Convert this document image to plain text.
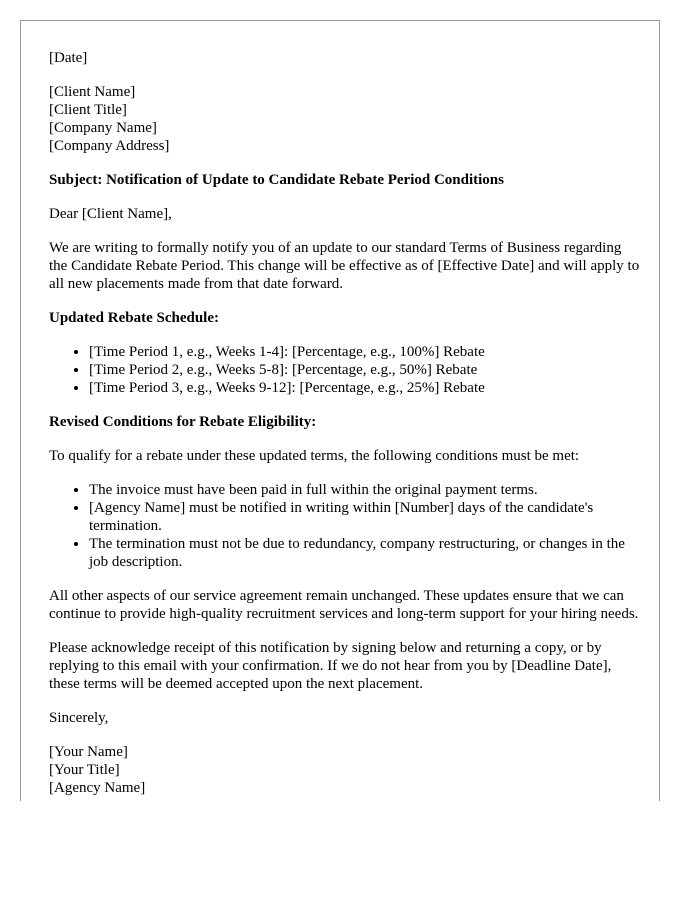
[Date]

[Client Name]
[Client Title]
[Company Name]
[Company Address]

Subject: Notification of Update to Candidate Rebate Period Conditions

Dear [Client Name],

We are writing to formally notify you of an update to our standard Terms of Business regarding the Candidate Rebate Period. This change will be effective as of [Effective Date] and will apply to all new placements made from that date forward.

Updated Rebate Schedule:

• [Time Period 1, e.g., Weeks 1-4]: [Percentage, e.g., 100%] Rebate
• [Time Period 2, e.g., Weeks 5-8]: [Percentage, e.g., 50%] Rebate
• [Time Period 3, e.g., Weeks 9-12]: [Percentage, e.g., 25%] Rebate

Revised Conditions for Rebate Eligibility:

To qualify for a rebate under these updated terms, the following conditions must be met:

• The invoice must have been paid in full within the original payment terms.
• [Agency Name] must be notified in writing within [Number] days of the candidate's termination.
• The termination must not be due to redundancy, company restructuring, or changes in the job description.

All other aspects of our service agreement remain unchanged. These updates ensure that we can continue to provide high-quality recruitment services and long-term support for your hiring needs.

Please acknowledge receipt of this notification by signing below and returning a copy, or by replying to this email with your confirmation. If we do not hear from you by [Deadline Date], these terms will be deemed accepted upon the next placement.

Sincerely,

[Your Name]
[Your Title]
[Agency Name]
